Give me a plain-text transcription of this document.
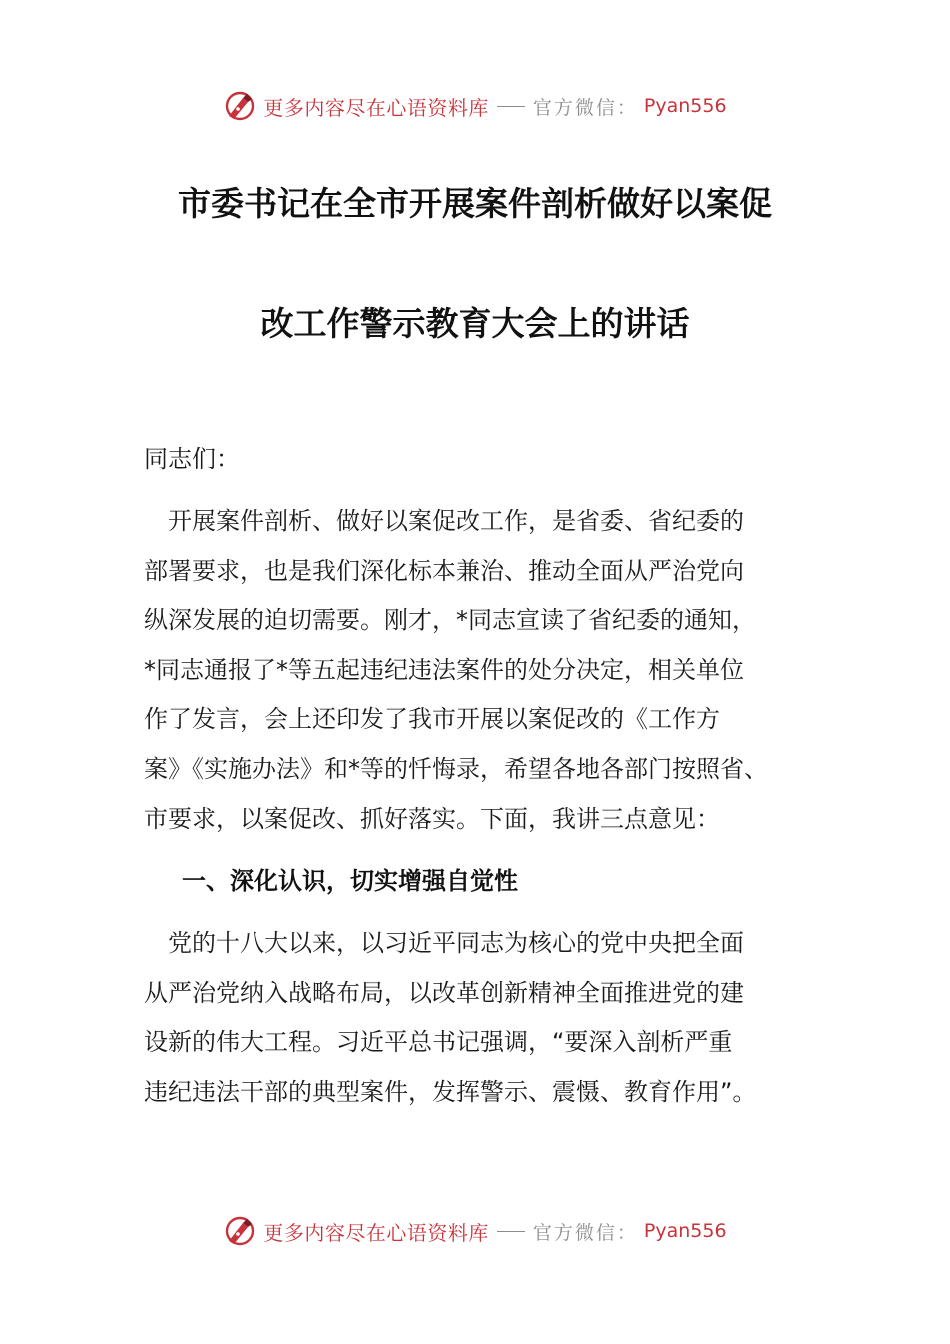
更多内容尽在心语资料库 官方微信： Pyan556
市委书记在全市开展案件剖析做好以案促
改工作警示教育大会上的讲话
同志们：
　开展案件剖析、做好以案促改工作，是省委、省纪委的
部署要求，也是我们深化标本兼治、推动全面从严治党向
纵深发展的迫切需要。刚才，*同志宣读了省纪委的通知，
*同志通报了*等五起违纪违法案件的处分决定，相关单位
作了发言，会上还印发了我市开展以案促改的《工作方
案》《实施办法》和*等的忏悔录，希望各地各部门按照省、
市要求，以案促改、抓好落实。下面，我讲三点意见：
一、深化认识，切实增强自觉性
　党的十八大以来，以习近平同志为核心的党中央把全面
从严治党纳入战略布局，以改革创新精神全面推进党的建
设新的伟大工程。习近平总书记强调，“要深入剖析严重
违纪违法干部的典型案件，发挥警示、震慑、教育作用”。
更多内容尽在心语资料库 官方微信： Pyan556
